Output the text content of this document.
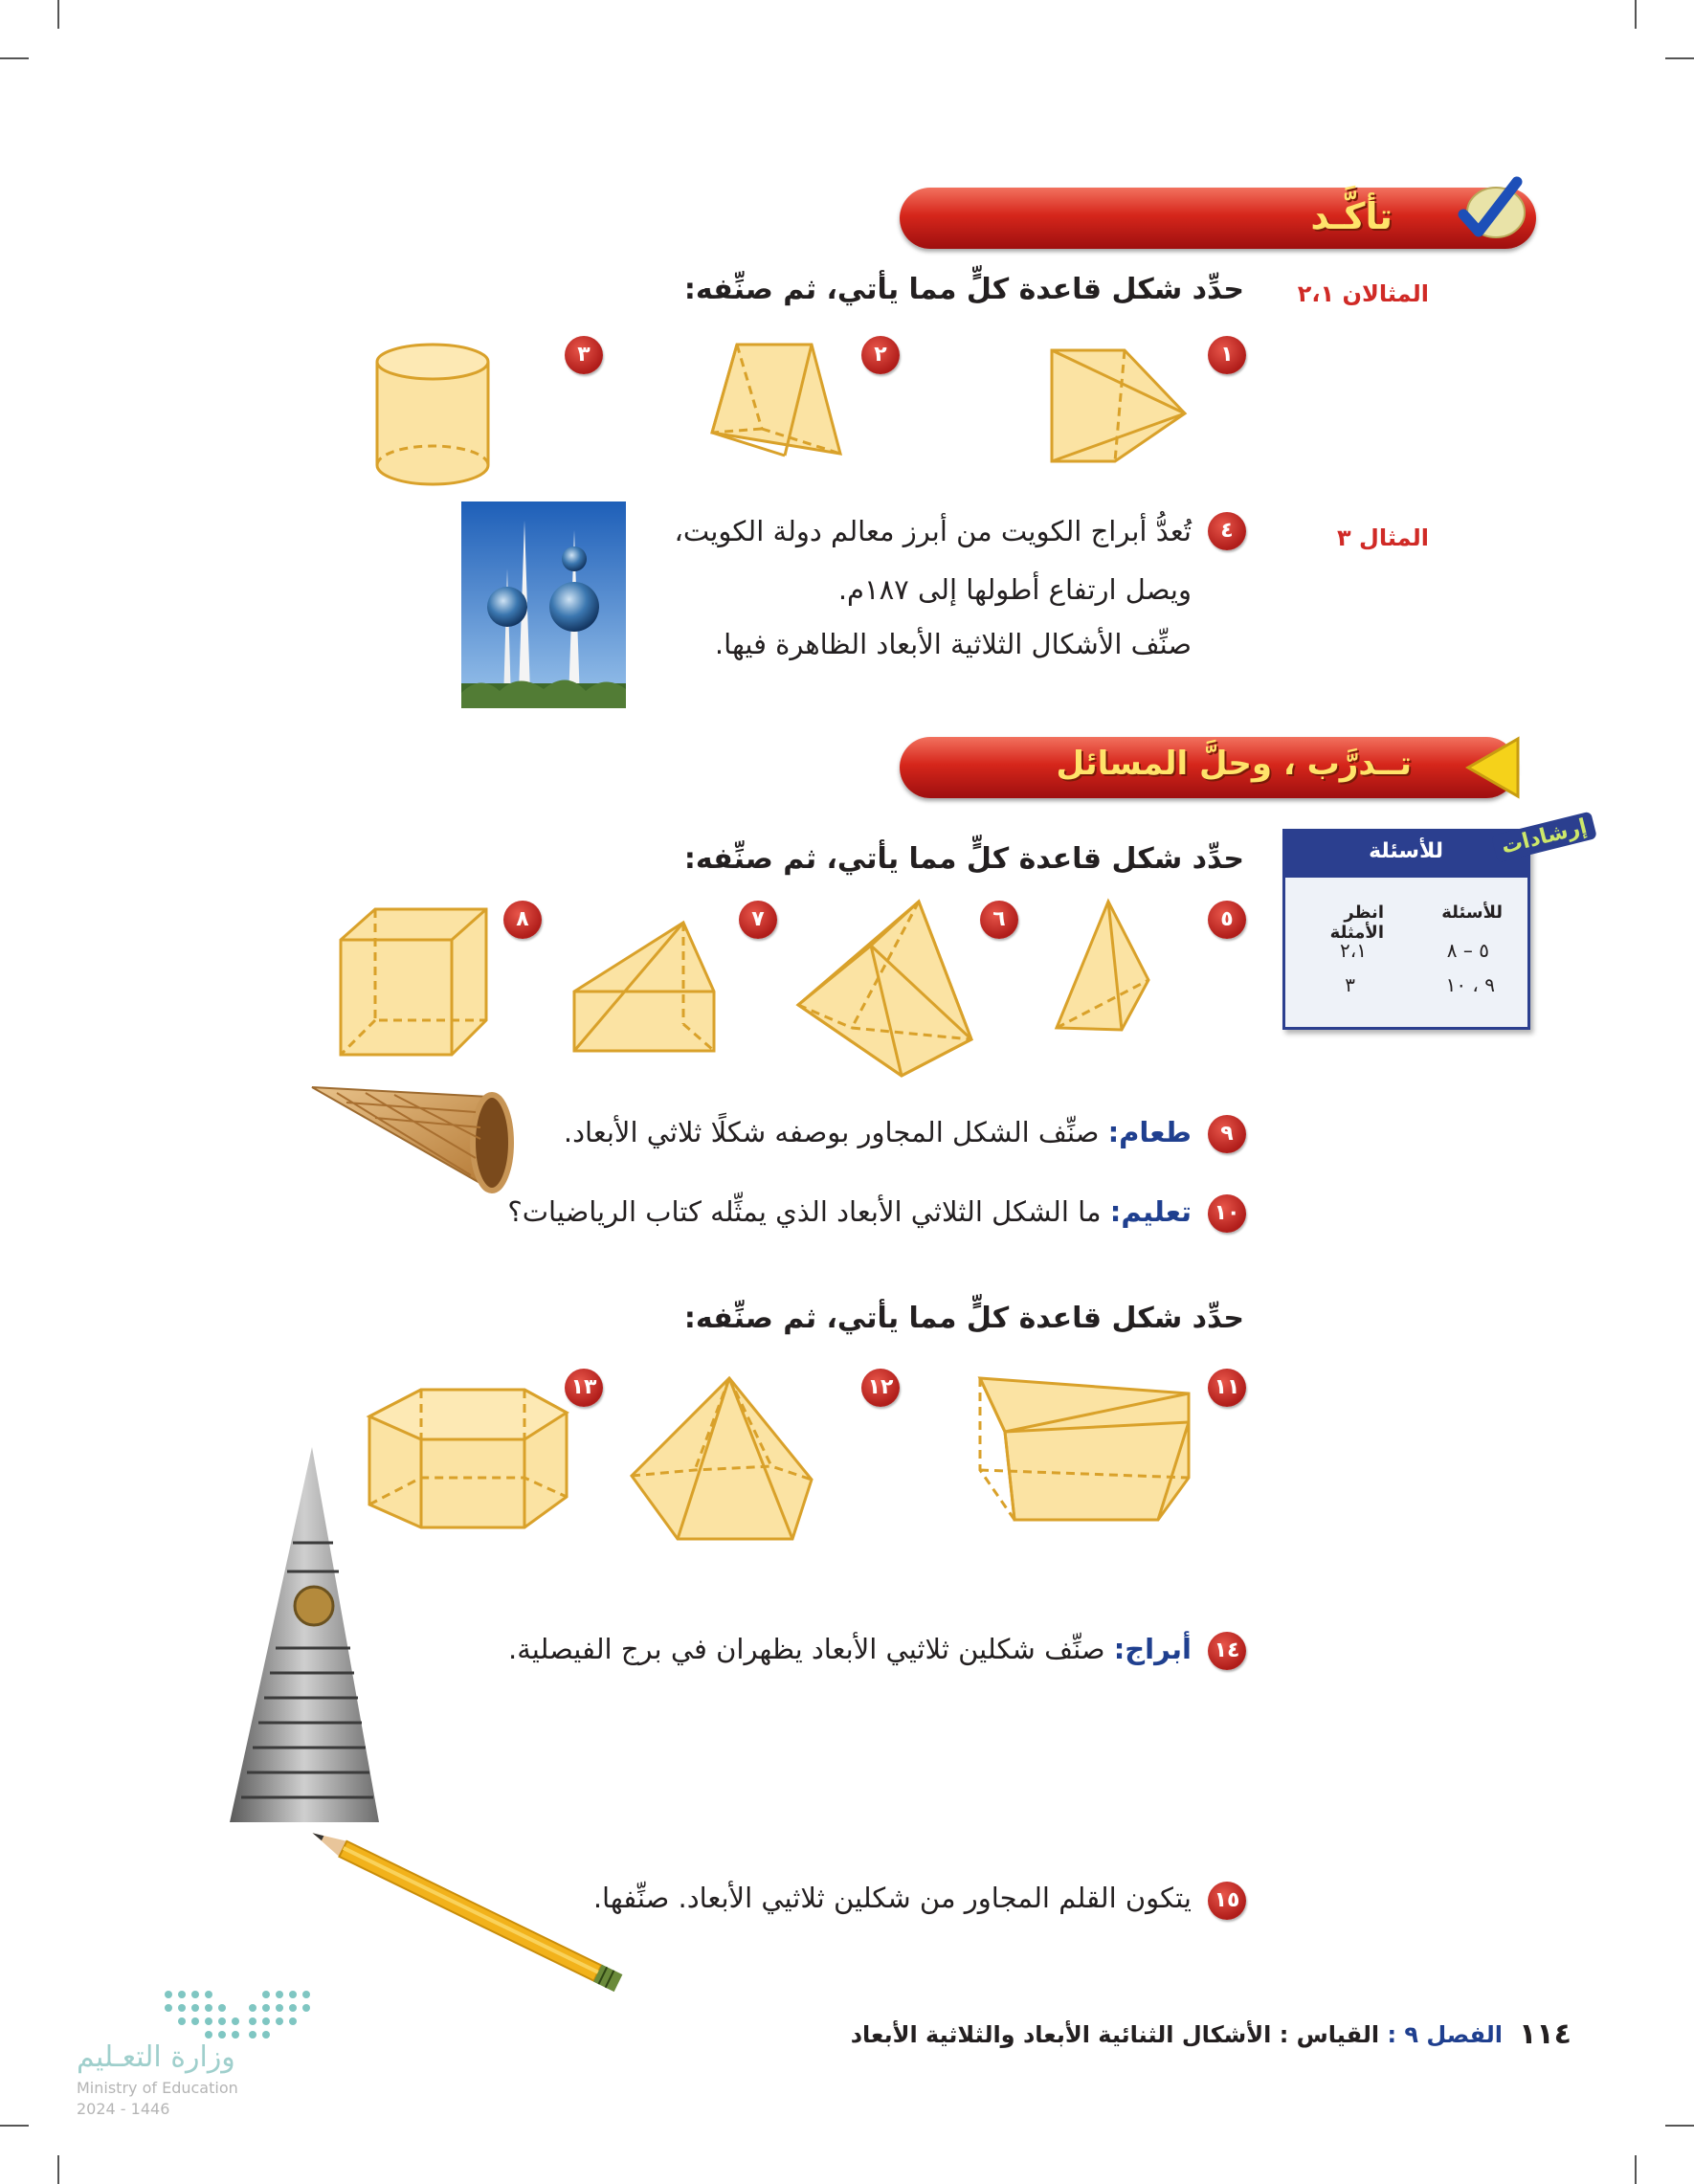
تأكَّـد
المثالان ٢،١
حدِّد شكل قاعدة كلٍّ مما يأتي، ثم صنِّفه:
١
٢
٣
المثال ٣
٤
تُعدُّ أبراج الكويت من أبرز معالم دولة الكويت،
ويصل ارتفاع أطولها إلى ١٨٧م.
صنِّف الأشكال الثلاثية الأبعاد الظاهرة فيها.
تــدرَّب ، وحلَّ المسائل
حدِّد شكل قاعدة كلٍّ مما يأتي، ثم صنِّفه:	للأسئلة
للأسئلة
انظر الأمثلة
٥ – ٨
٢،١
٩ ، ١٠
٣
إرشادات
٥
٦
٧
٨
٩
طعام: صنِّف الشكل المجاور بوصفه شكلًا ثلاثي الأبعاد.
١٠
تعليم: ما الشكل الثلاثي الأبعاد الذي يمثِّله كتاب الرياضيات؟
حدِّد شكل قاعدة كلٍّ مما يأتي، ثم صنِّفه:
١١
١٢
١٣
١٤
أبراج: صنِّف شكلين ثلاثيي الأبعاد يظهران في برج الفيصلية.
١٥
يتكون القلم المجاور من شكلين ثلاثيي الأبعاد. صنِّفها.
وزارة التعـليم
Ministry of Education
2024 - 1446
الفصل ٩ : القياس : الأشكال الثنائية الأبعاد والثلاثية الأبعاد	١١٤
